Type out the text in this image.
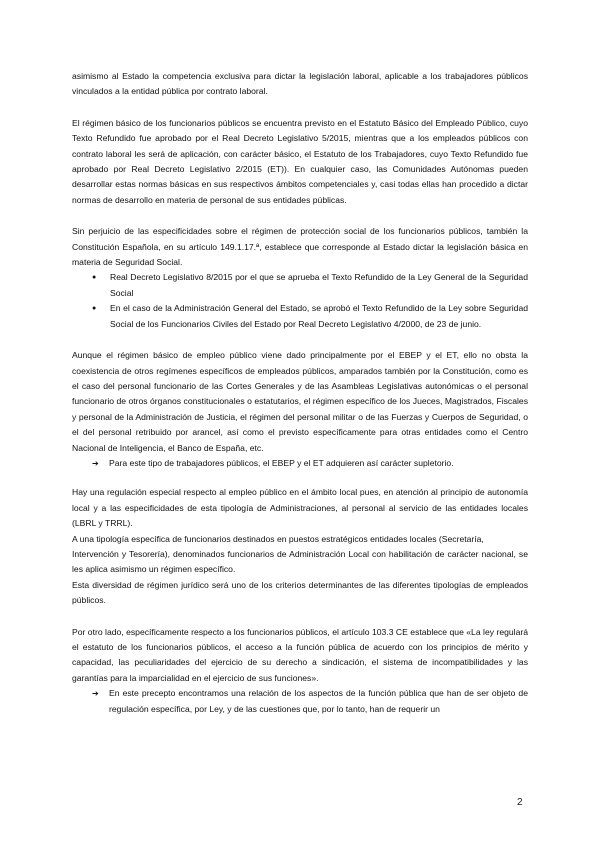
asimismo al Estado la competencia exclusiva para dictar la legislación laboral, aplicable a los trabajadores públicos vinculados a la entidad pública por contrato laboral.

El régimen básico de los funcionarios públicos se encuentra previsto en el Estatuto Básico del Empleado Público, cuyo Texto Refundido fue aprobado por el Real Decreto Legislativo 5/2015, mientras que a los empleados públicos con contrato laboral les será de aplicación, con carácter básico, el Estatuto de los Trabajadores, cuyo Texto Refundido fue aprobado por Real Decreto Legislativo 2/2015 (ET)). En cualquier caso, las Comunidades Autónomas pueden desarrollar estas normas básicas en sus respectivos ámbitos competenciales y, casi todas ellas han procedido a dictar normas de desarrollo en materia de personal de sus entidades públicas.

Sin perjuicio de las especificidades sobre el régimen de protección social de los funcionarios públicos, también la Constitución Española, en su artículo 149.1.17.ª, establece que corresponde al Estado dictar la legislación básica en materia de Seguridad Social.

● Real Decreto Legislativo 8/2015 por el que se aprueba el Texto Refundido de la Ley General de la Seguridad Social
● En el caso de la Administración General del Estado, se aprobó el Texto Refundido de la Ley sobre Seguridad Social de los Funcionarios Civiles del Estado por Real Decreto Legislativo 4/2000, de 23 de junio.

Aunque el régimen básico de empleo público viene dado principalmente por el EBEP y el ET, ello no obsta la coexistencia de otros regímenes específicos de empleados públicos, amparados también por la Constitución, como es el caso del personal funcionario de las Cortes Generales y de las Asambleas Legislativas autonómicas o el personal funcionario de otros órganos constitucionales o estatutarios, el régimen específico de los Jueces, Magistrados, Fiscales y personal de la Administración de Justicia, el régimen del personal militar o de las Fuerzas y Cuerpos de Seguridad, o el del personal retribuido por arancel, así como el previsto específicamente para otras entidades como el Centro Nacional de Inteligencia, el Banco de España, etc.

➔ Para este tipo de trabajadores públicos, el EBEP y el ET adquieren así carácter supletorio.

Hay una regulación especial respecto al empleo público en el ámbito local pues, en atención al principio de autonomía local y a las especificidades de esta tipología de Administraciones, al personal al servicio de las entidades locales (LBRL y TRRL).

A una tipología específica de funcionarios destinados en puestos estratégicos entidades locales (Secretaría,

Intervención y Tesorería), denominados funcionarios de Administración Local con habilitación de carácter nacional, se les aplica asimismo un régimen específico.

Esta diversidad de régimen jurídico será uno de los criterios determinantes de las diferentes tipologías de empleados públicos.

Por otro lado, específicamente respecto a los funcionarios públicos, el artículo 103.3 CE establece que «La ley regulará el estatuto de los funcionarios públicos, el acceso a la función pública de acuerdo con los principios de mérito y capacidad, las peculiaridades del ejercicio de su derecho a sindicación, el sistema de incompatibilidades y las garantías para la imparcialidad en el ejercicio de sus funciones».

➔ En este precepto encontramos una relación de los aspectos de la función pública que han de ser objeto de regulación específica, por Ley, y de las cuestiones que, por lo tanto, han de requerir un
2
